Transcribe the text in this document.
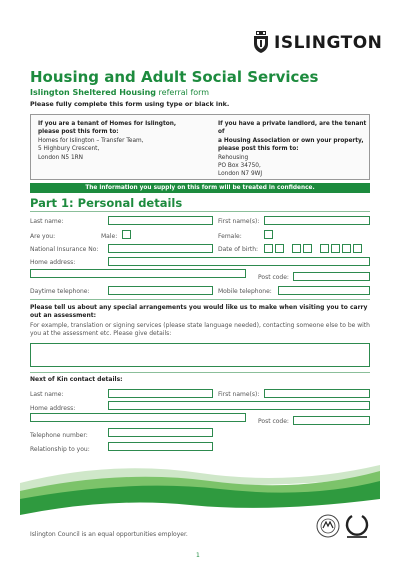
ISLINGTON
Housing and Adult Social Services
Islington Sheltered Housing referral form
Please fully complete this form using type or black ink.
If you are a tenant of Homes for Islington,
please post this form to:
Homes for Islington – Transfer Team,
5 Highbury Crescent,
London N5 1RN
If you have a private landlord, are the tenant of
a Housing Association or own your property,
please post this form to:
Rehousing
PO Box 34750,
London N7 9WJ
The information you supply on this form will be treated in confidence.
Part 1: Personal details
Last name:	First name(s):
Are you:	Male:	Female:
National Insurance No:	Date of birth:
Home address:
Post code:
Daytime telephone:	Mobile telephone:
Please tell us about any special arrangements you would like us to make when visiting you to carry
out an assessment:
For example, translation or signing services (please state language needed), contacting someone else to be with
you at the assessment etc. Please give details:
Next of Kin contact details:
Last name:	First name(s):
Home address:
Post code:
Telephone number:
Relationship to you:
Islington Council is an equal opportunities employer.
1
